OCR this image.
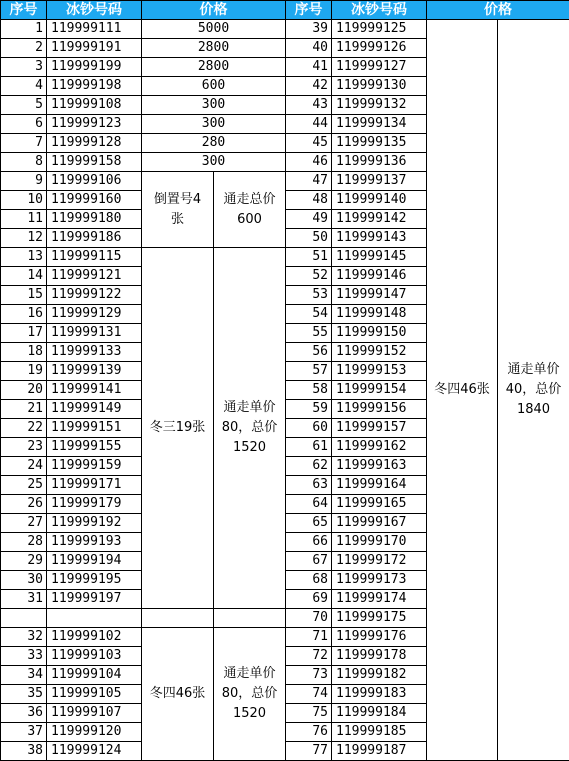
序号	冰钞号码	价格		序号	冰钞号码	价格	
1	119999111	5000		39	119999125	冬四46张	通走单价40，总价1840
2	119999191	2800		40	119999126		
3	119999199	2800		41	119999127		
4	119999198	600		42	119999130		
5	119999108	300		43	119999132		
6	119999123	300		44	119999134		
7	119999128	280		45	119999135		
8	119999158	300		46	119999136		
9	119999106	倒置号4张	通走总价600	47	119999137		
10	119999160			48	119999140		
11	119999180			49	119999142		
12	119999186			50	119999143		
13	119999115	冬三19张	通走单价80，总价1520	51	119999145		
14	119999121			52	119999146		
15	119999122			53	119999147		
16	119999129			54	119999148		
17	119999131			55	119999150		
18	119999133			56	119999152		
19	119999139			57	119999153		
20	119999141			58	119999154		
21	119999149			59	119999156		
22	119999151			60	119999157		
23	119999155			61	119999162		
24	119999159			62	119999163		
25	119999171			63	119999164		
26	119999179			64	119999165		
27	119999192			65	119999167		
28	119999193			66	119999170		
29	119999194			67	119999172		
30	119999195			68	119999173		
31	119999197			69	119999174		
				70	119999175		
32	119999102	冬四46张	通走单价80，总价1520	71	119999176		
33	119999103			72	119999178		
34	119999104			73	119999182		
35	119999105			74	119999183		
36	119999107			75	119999184		
37	119999120			76	119999185		
38	119999124			77	119999187		
